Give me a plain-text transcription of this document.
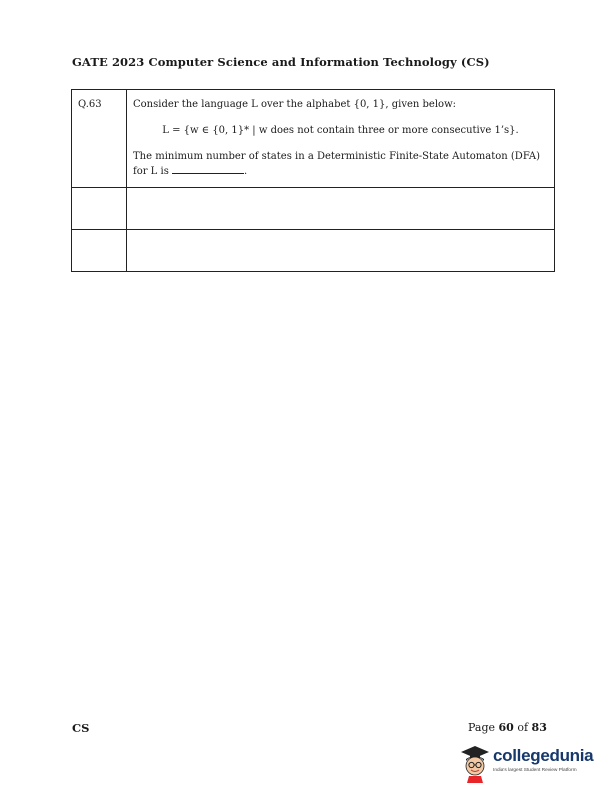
GATE 2023 Computer Science and Information Technology (CS)
Q.63	Consider the language L over the alphabet {0, 1}, given below:
L = {w ∈ {0, 1}* | w does not contain three or more consecutive 1’s}.
The minimum number of states in a Deterministic Finite-State Automaton (DFA)
for L is .

CS	Page 60 of 83
collegedunia
India's largest Student Review Platform
